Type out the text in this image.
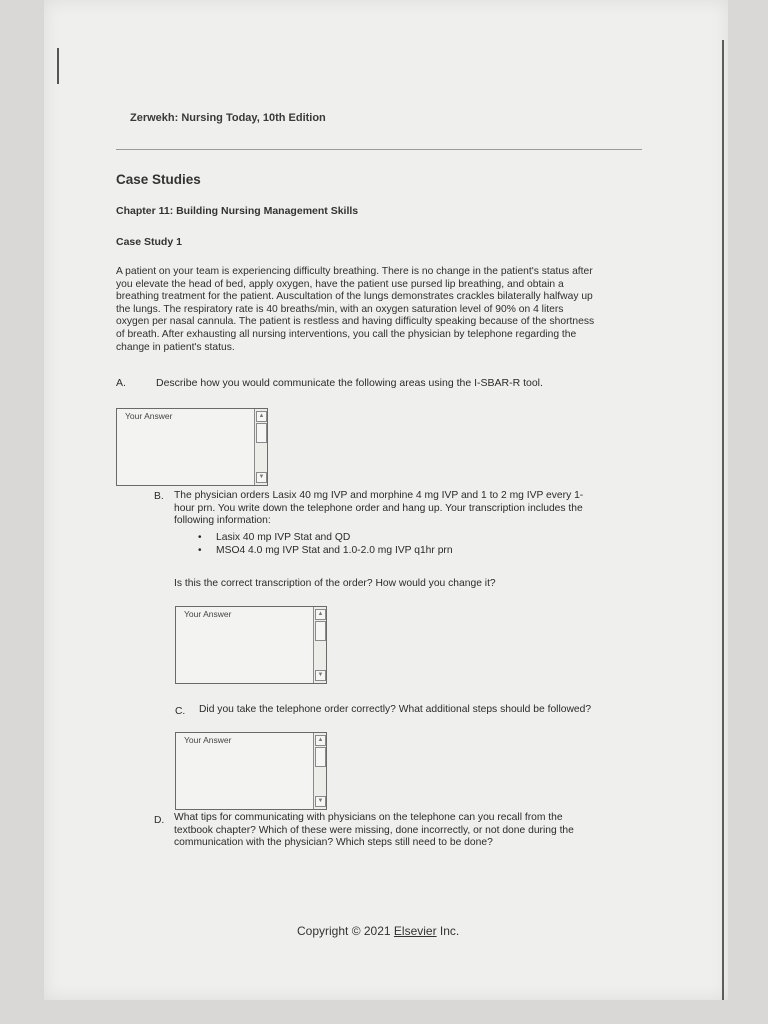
Zerwekh: Nursing Today, 10th Edition
Case Studies
Chapter 11: Building Nursing Management Skills
Case Study 1
A patient on your team is experiencing difficulty breathing. There is no change in the patient's status after
you elevate the head of bed, apply oxygen, have the patient use pursed lip breathing, and obtain a
breathing treatment for the patient. Auscultation of the lungs demonstrates crackles bilaterally halfway up
the lungs. The respiratory rate is 40 breaths/min, with an oxygen saturation level of 90% on 4 liters
oxygen per nasal cannula. The patient is restless and having difficulty speaking because of the shortness
of breath. After exhausting all nursing interventions, you call the physician by telephone regarding the
change in patient's status.
A.	Describe how you would communicate the following areas using the I-SBAR-R tool.
Your Answer	▲
▼
B. The physician orders Lasix 40 mg IVP and morphine 4 mg IVP and 1 to 2 mg IVP every 1-
hour prn. You write down the telephone order and hang up. Your transcription includes the
following information:
• Lasix 40 mp IVP Stat and QD
• MSO4 4.0 mg IVP Stat and 1.0-2.0 mg IVP q1hr prn
Is this the correct transcription of the order? How would you change it?
Your Answer	▲
▼
C. Did you take the telephone order correctly? What additional steps should be followed?
Your Answer	▲
▼
D. What tips for communicating with physicians on the telephone can you recall from the
textbook chapter? Which of these were missing, done incorrectly, or not done during the
communication with the physician? Which steps still need to be done?
Copyright © 2021 Elsevier Inc.
